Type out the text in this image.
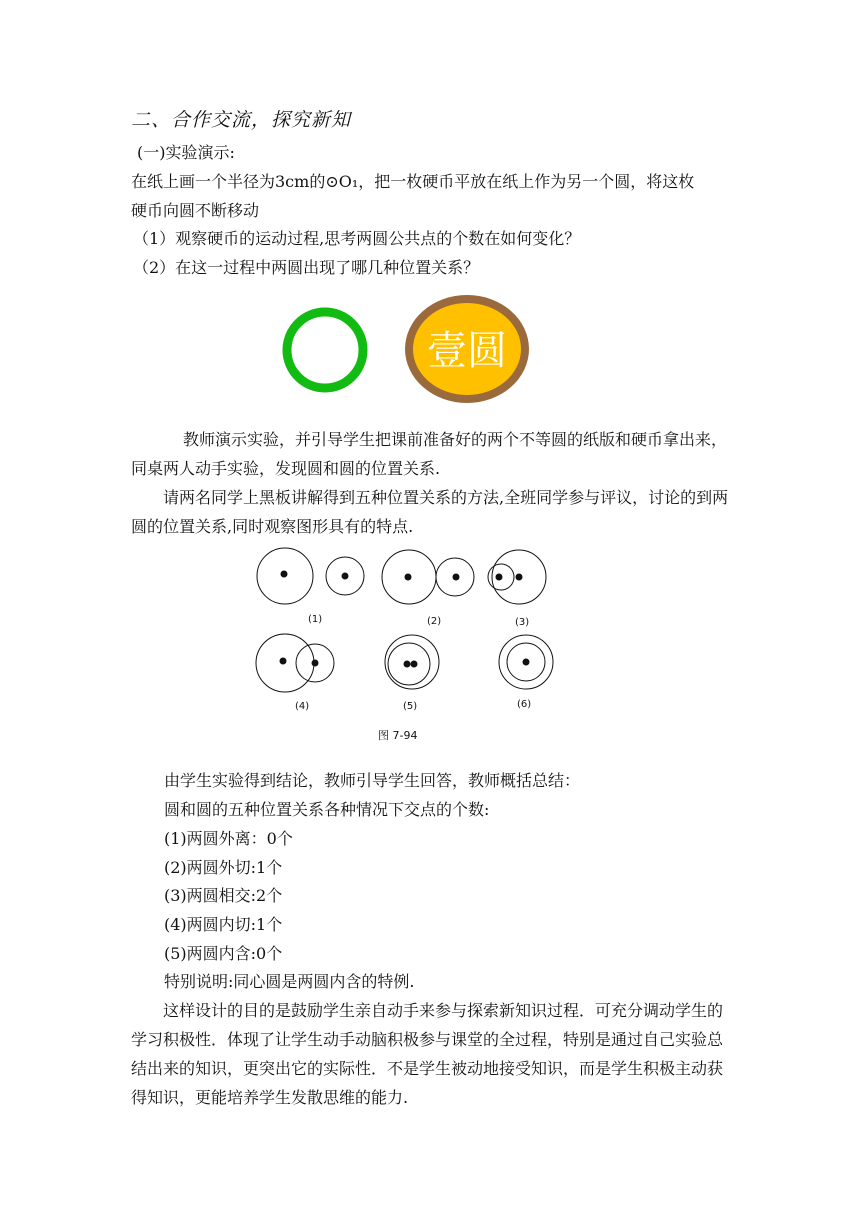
二、合作交流，探究新知
(一)实验演示:
在纸上画一个半径为3cm的⊙O₁，把一枚硬币平放在纸上作为另一个圆，将这枚
硬币向圆不断移动
（1）观察硬币的运动过程,思考两圆公共点的个数在如何变化？
（2）在这一过程中两圆出现了哪几种位置关系？
壹圆
教师演示实验，并引导学生把课前准备好的两个不等圆的纸版和硬币拿出来，同桌两人动手实验，发现圆和圆的位置关系.
请两名同学上黑板讲解得到五种位置关系的方法,全班同学参与评议，讨论的到两圆的位置关系,同时观察图形具有的特点.
(1)	(2)	(3)
(4)	(5)	(6)
图 7-94
由学生实验得到结论，教师引导学生回答，教师概括总结：
圆和圆的五种位置关系各种情况下交点的个数:
(1)两圆外离：0个
(2)两圆外切:1个
(3)两圆相交:2个
(4)两圆内切:1个
(5)两圆内含:0个
特别说明:同心圆是两圆内含的特例.
这样设计的目的是鼓励学生亲自动手来参与探索新知识过程．可充分调动学生的学习积极性．体现了让学生动手动脑积极参与课堂的全过程，特别是通过自己实验总结出来的知识，更突出它的实际性．不是学生被动地接受知识，而是学生积极主动获得知识，更能培养学生发散思维的能力.
